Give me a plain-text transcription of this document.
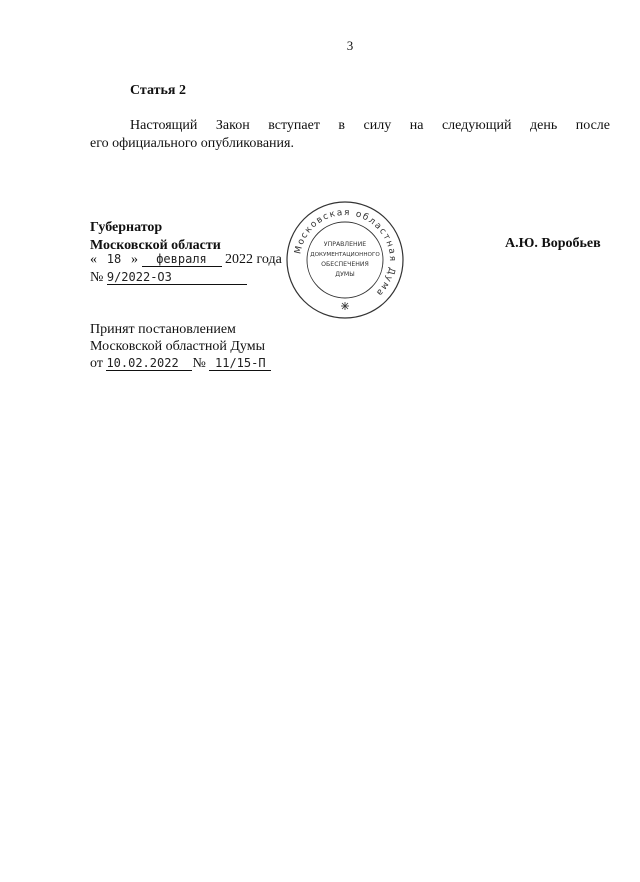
3
Статья 2
Настоящий Закон вступает в силу на следующий день после
его официального опубликования.
Губернатор
Московской области	А.Ю. Воробьев
« 18 » февраля 2022 года
№ 9/2022-ОЗ
Принят постановлением
Московской областной Думы
от 10.02.2022 № 11/15-П
Московская областная Дума
УПРАВЛЕНИЕ
ДОКУМЕНТАЦИОННОГО
ОБЕСПЕЧЕНИЯ
ДУМЫ
